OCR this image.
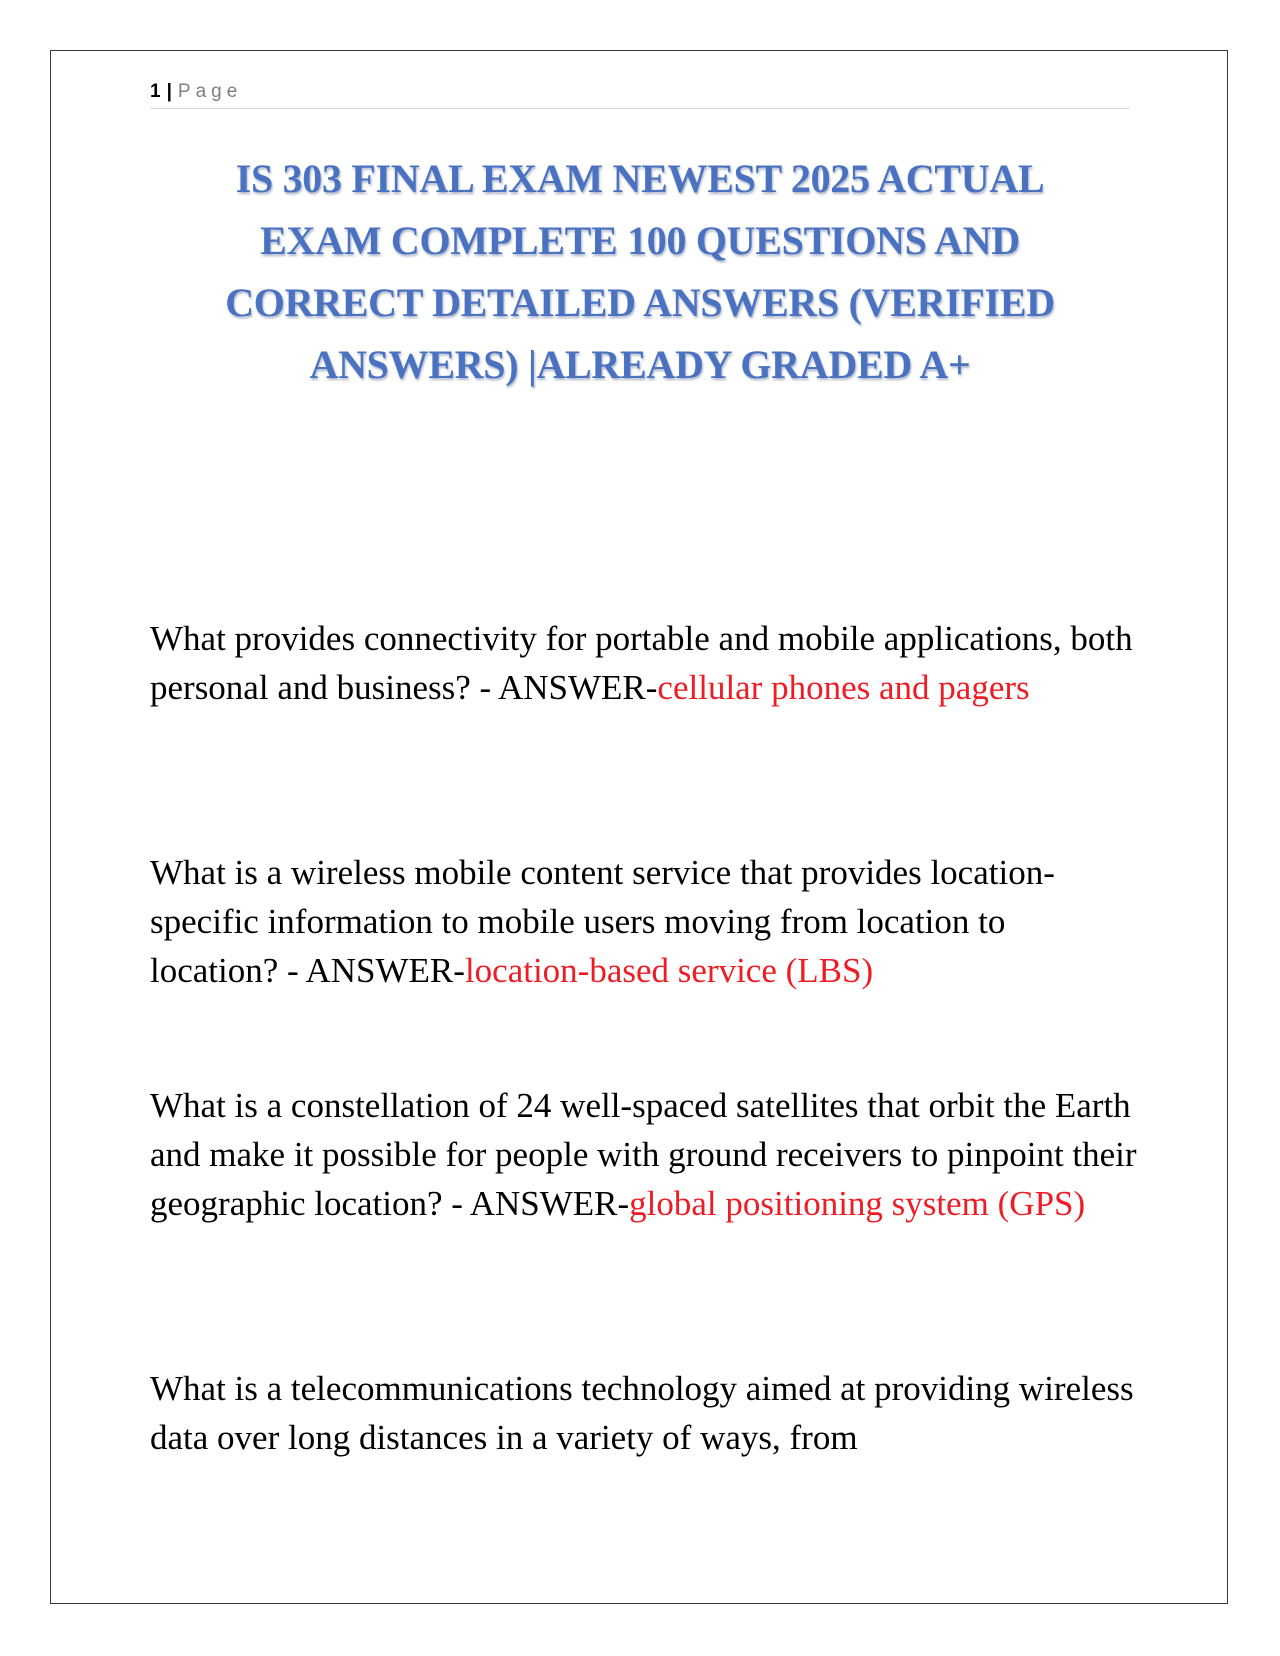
1 | Page
IS 303 FINAL EXAM NEWEST 2025 ACTUAL
EXAM COMPLETE 100 QUESTIONS AND
CORRECT DETAILED ANSWERS (VERIFIED
ANSWERS) |ALREADY GRADED A+
What provides connectivity for portable and mobile applications, both personal and business? - ANSWER-cellular phones and pagers
What is a wireless mobile content service that provides location-specific information to mobile users moving from location to location? - ANSWER-location-based service (LBS)
What is a constellation of 24 well-spaced satellites that orbit the Earth and make it possible for people with ground receivers to pinpoint their geographic location? - ANSWER-global positioning system (GPS)
What is a telecommunications technology aimed at providing wireless data over long distances in a variety of ways, from
